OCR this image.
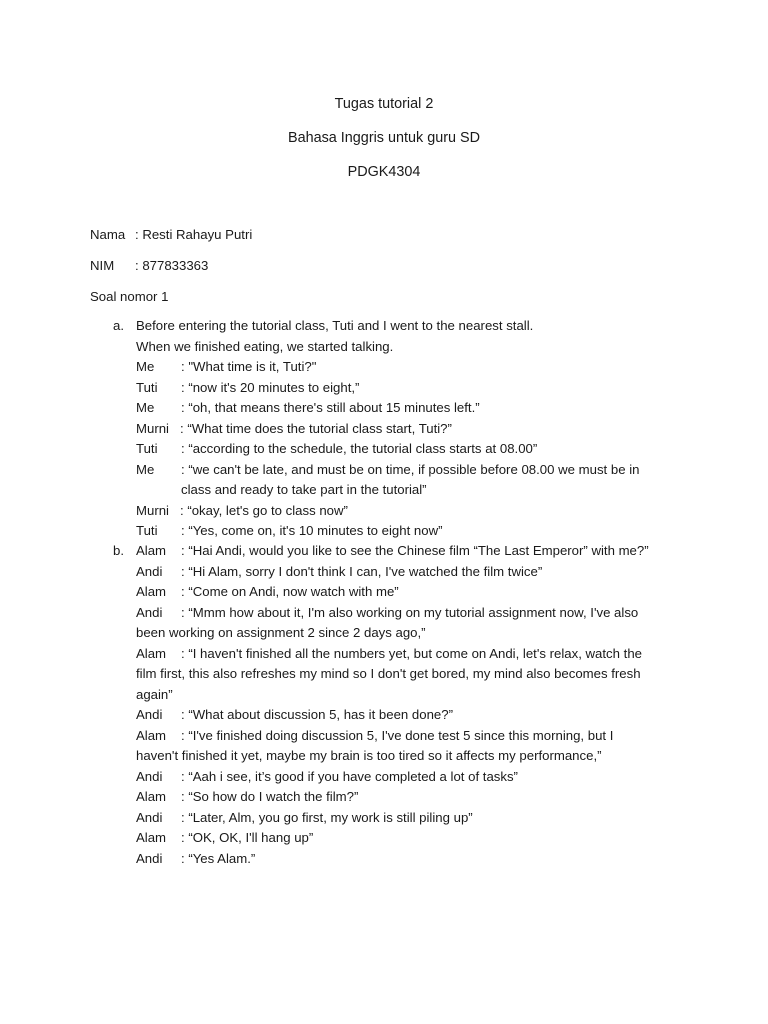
Tugas tutorial 2
Bahasa Inggris untuk guru SD
PDGK4304
Nama : Resti Rahayu Putri
NIM : 877833363
Soal nomor 1
a. Before entering the tutorial class, Tuti and I went to the nearest stall.
When we finished eating, we started talking.
Me : "What time is it, Tuti?"
Tuti : “now it's 20 minutes to eight,”
Me : “oh, that means there's still about 15 minutes left.”
Murni : “What time does the tutorial class start, Tuti?”
Tuti : “according to the schedule, the tutorial class starts at 08.00”
Me : “we can't be late, and must be on time, if possible before 08.00 we must be in
class and ready to take part in the tutorial”
Murni : “okay, let's go to class now”
Tuti : “Yes, come on, it's 10 minutes to eight now”
b. Alam : “Hai Andi, would you like to see the Chinese film “The Last Emperor” with me?”
Andi : “Hi Alam, sorry I don't think I can, I've watched the film twice”
Alam : “Come on Andi, now watch with me”
Andi : “Mmm how about it, I'm also working on my tutorial assignment now, I've also
been working on assignment 2 since 2 days ago,”
Alam : “I haven't finished all the numbers yet, but come on Andi, let's relax, watch the
film first, this also refreshes my mind so I don't get bored, my mind also becomes fresh
again”
Andi : “What about discussion 5, has it been done?”
Alam : “I've finished doing discussion 5, I've done test 5 since this morning, but I
haven't finished it yet, maybe my brain is too tired so it affects my performance,”
Andi : “Aah i see, it’s good if you have completed a lot of tasks”
Alam : “So how do I watch the film?”
Andi : “Later, Alm, you go first, my work is still piling up”
Alam : “OK, OK, I'll hang up”
Andi : “Yes Alam.”
